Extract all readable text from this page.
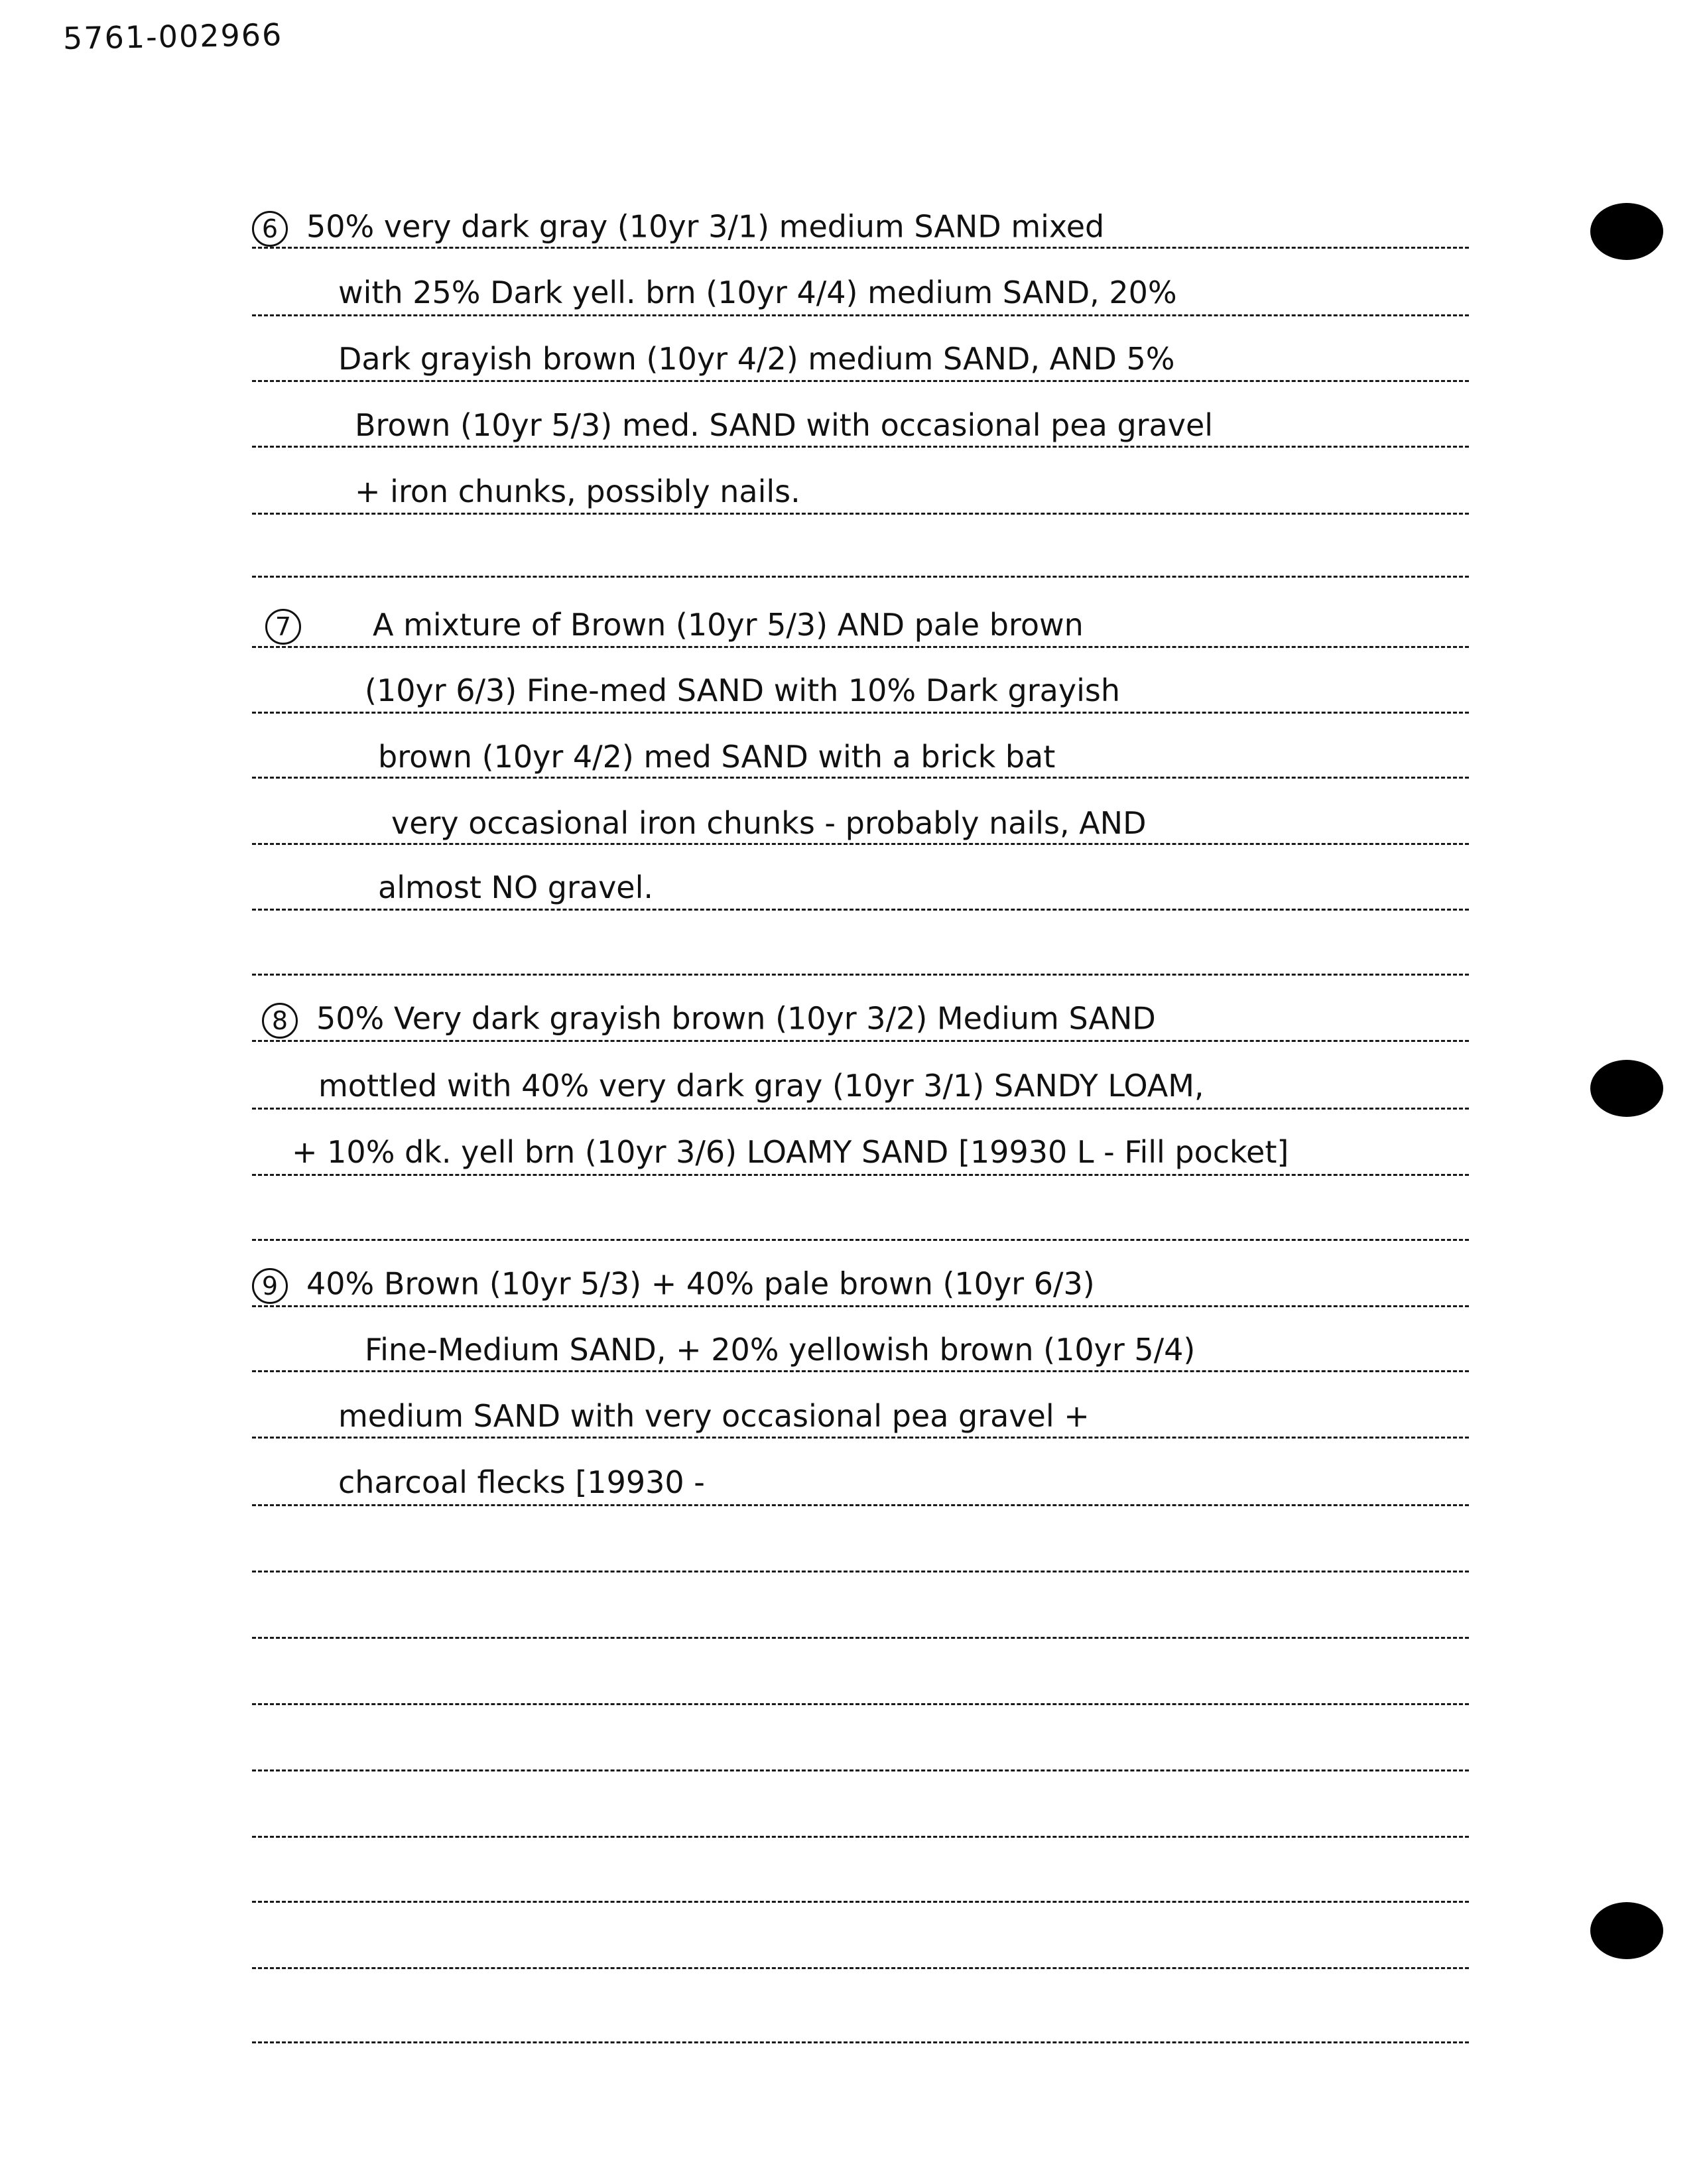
5761-002966
6 50% very dark gray (10yr 3/1) medium SAND mixed
with 25% Dark yell. brn (10yr 4/4) medium SAND, 20%
Dark grayish brown (10yr 4/2) medium SAND, AND 5%
Brown (10yr 5/3) med. SAND with occasional pea gravel
+ iron chunks, possibly nails.
7	A mixture of Brown (10yr 5/3) AND pale brown
(10yr 6/3) Fine-med SAND with 10% Dark grayish
brown (10yr 4/2) med SAND with a brick bat
very occasional iron chunks - probably nails, AND
almost NO gravel.
8 50% Very dark grayish brown (10yr 3/2) Medium SAND
mottled with 40% very dark gray (10yr 3/1) SANDY LOAM,
+ 10% dk. yell brn (10yr 3/6) LOAMY SAND [19930 L - Fill pocket]
9 40% Brown (10yr 5/3) + 40% pale brown (10yr 6/3)
Fine-Medium SAND, + 20% yellowish brown (10yr 5/4)
medium SAND with very occasional pea gravel +
charcoal flecks [19930 -
